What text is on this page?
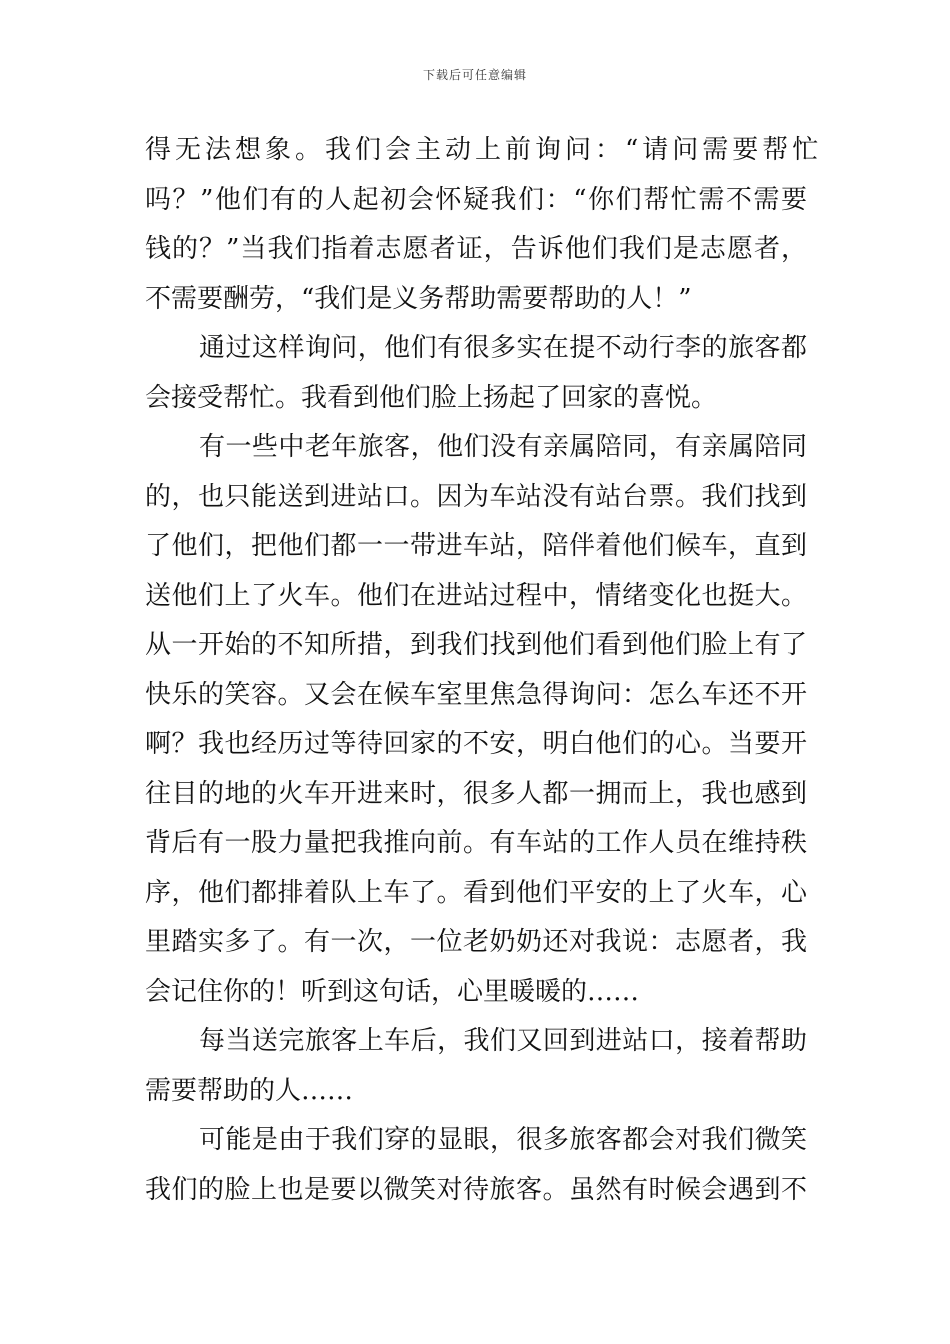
下载后可任意编辑
得无法想象。我们会主动上前询问：“请问需要帮忙
吗？”他们有的人起初会怀疑我们：“你们帮忙需不需要
钱的？”当我们指着志愿者证，告诉他们我们是志愿者，
不需要酬劳，“我们是义务帮助需要帮助的人！”
通过这样询问，他们有很多实在提不动行李的旅客都
会接受帮忙。我看到他们脸上扬起了回家的喜悦。
有一些中老年旅客，他们没有亲属陪同，有亲属陪同
的，也只能送到进站口。因为车站没有站台票。我们找到
了他们，把他们都一一带进车站，陪伴着他们候车，直到
送他们上了火车。他们在进站过程中，情绪变化也挺大。
从一开始的不知所措，到我们找到他们看到他们脸上有了
快乐的笑容。又会在候车室里焦急得询问：怎么车还不开
啊？我也经历过等待回家的不安，明白他们的心。当要开
往目的地的火车开进来时，很多人都一拥而上，我也感到
背后有一股力量把我推向前。有车站的工作人员在维持秩
序，他们都排着队上车了。看到他们平安的上了火车，心
里踏实多了。有一次，一位老奶奶还对我说：志愿者，我
会记住你的！听到这句话，心里暖暖的……
每当送完旅客上车后，我们又回到进站口，接着帮助
需要帮助的人……
可能是由于我们穿的显眼，很多旅客都会对我们微笑
我们的脸上也是要以微笑对待旅客。虽然有时候会遇到不
